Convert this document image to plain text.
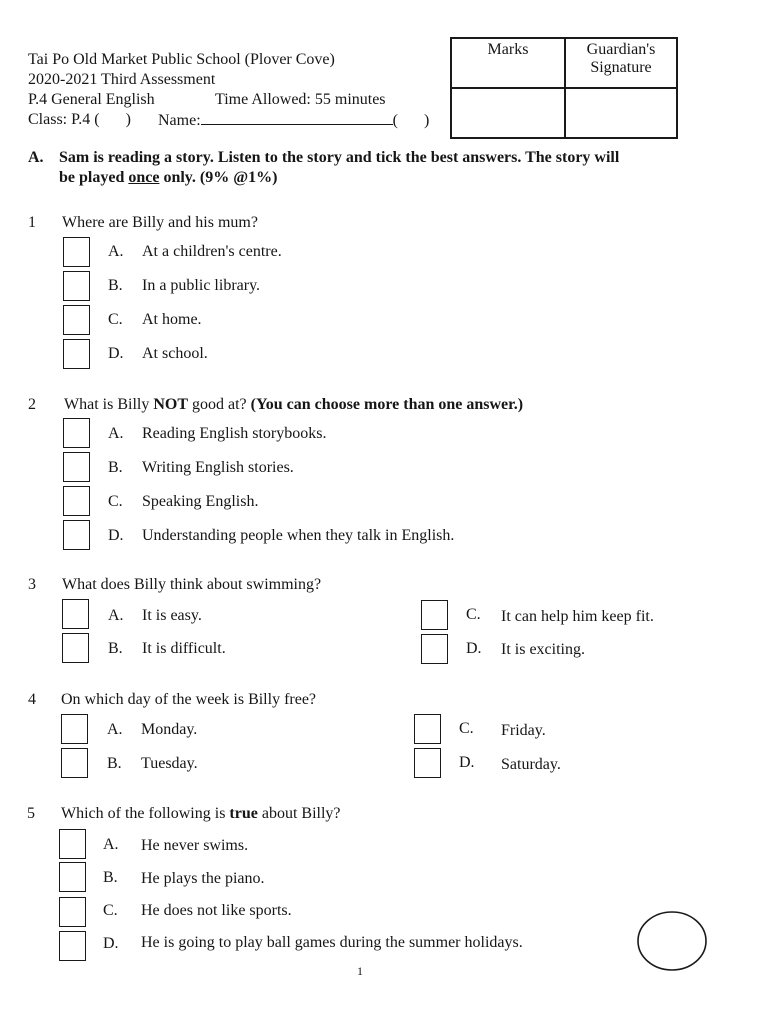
Tai Po Old Market Public School (Plover Cove)
2020-2021 Third Assessment
P.4 General English	Time Allowed: 55 minutes
Class: P.4 ( ) Name:	( )
Marks	Guardian's
Signature

A. Sam is reading a story. Listen to the story and tick the best answers. The story will
be played once only. (9% @1%)
1 Where are Billy and his mum?
A. At a children's centre.
B. In a public library.
C. At home.
D. At school.
2 What is Billy NOT good at? (You can choose more than one answer.)
A. Reading English storybooks.
B. Writing English stories.
C. Speaking English.
D. Understanding people when they talk in English.
3 What does Billy think about swimming?
A. It is easy.
B. It is difficult.
C. It can help him keep fit.
D. It is exciting.
4 On which day of the week is Billy free?
A. Monday.
B. Tuesday.
C. Friday.
D. Saturday.
5 Which of the following is true about Billy?
A. He never swims.
B. He plays the piano.
C. He does not like sports.
D. He is going to play ball games during the summer holidays.
1
